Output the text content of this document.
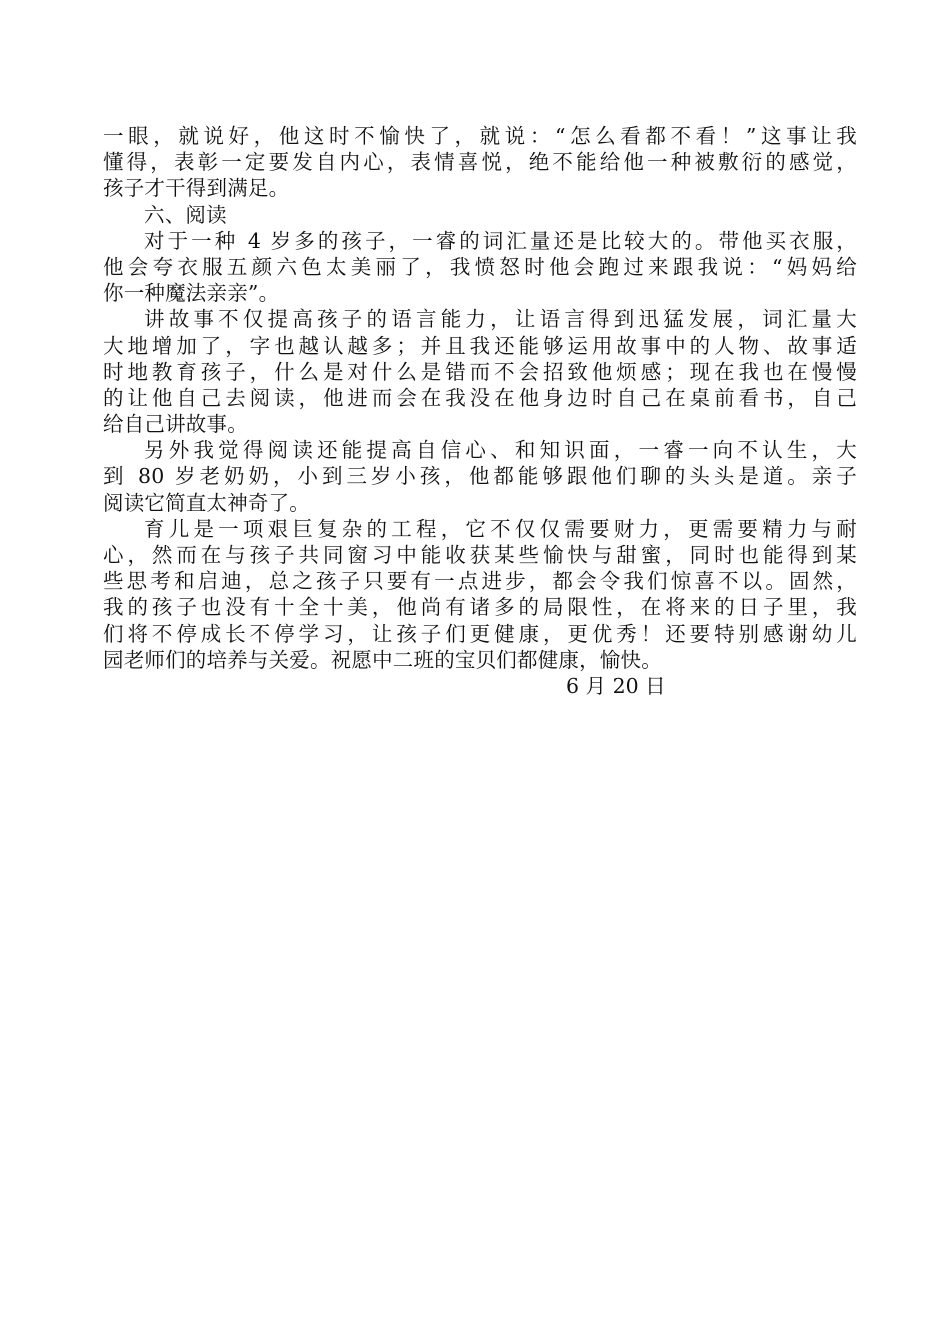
一眼，就说好，他这时不愉快了，就说：“怎么看都不看！”这事让我
懂得，表彰一定要发自内心，表情喜悦，绝不能给他一种被敷衍的感觉，
孩子才干得到满足。
六、阅读
对于一种 4 岁多的孩子，一睿的词汇量还是比较大的。带他买衣服，
他会夸衣服五颜六色太美丽了，我愤怒时他会跑过来跟我说：“妈妈给
你一种魔法亲亲”。
讲故事不仅提高孩子的语言能力，让语言得到迅猛发展，词汇量大
大地增加了，字也越认越多；并且我还能够运用故事中的人物、故事适
时地教育孩子，什么是对什么是错而不会招致他烦感；现在我也在慢慢
的让他自己去阅读，他进而会在我没在他身边时自己在桌前看书，自己
给自己讲故事。
另外我觉得阅读还能提高自信心、和知识面，一睿一向不认生，大
到 80 岁老奶奶，小到三岁小孩，他都能够跟他们聊的头头是道。亲子
阅读它简直太神奇了。
育儿是一项艰巨复杂的工程，它不仅仅需要财力，更需要精力与耐
心，然而在与孩子共同窗习中能收获某些愉快与甜蜜，同时也能得到某
些思考和启迪，总之孩子只要有一点进步，都会令我们惊喜不以。固然，
我的孩子也没有十全十美，他尚有诸多的局限性，在将来的日子里，我
们将不停成长不停学习，让孩子们更健康，更优秀！还要特别感谢幼儿
园老师们的培养与关爱。祝愿中二班的宝贝们都健康，愉快。
6 月 20 日
